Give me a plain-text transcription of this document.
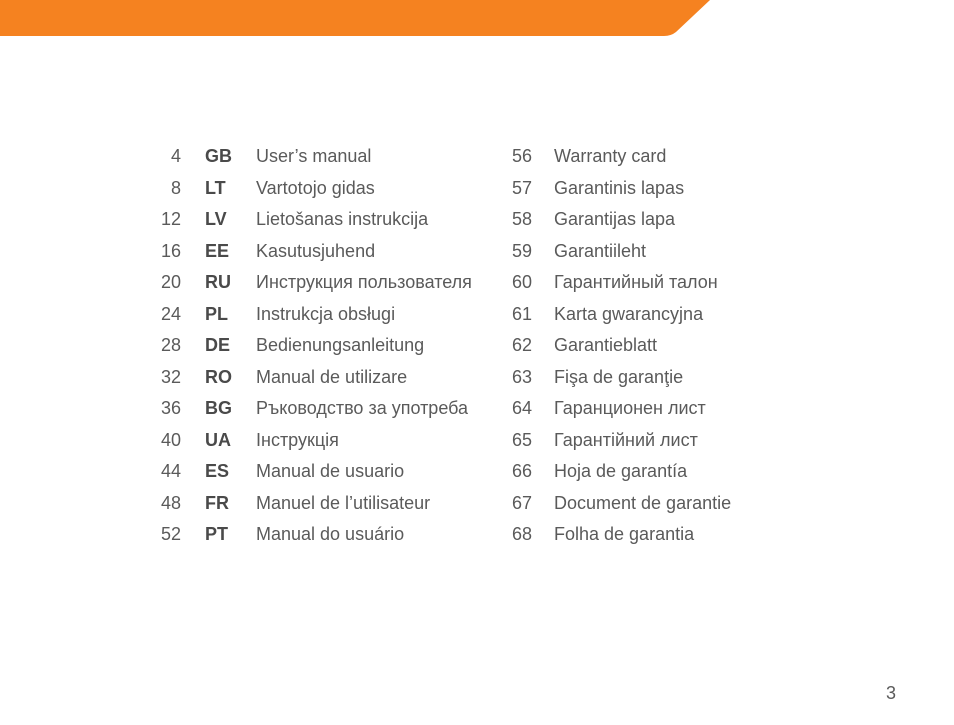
4 GB User’s manual
8 LT Vartotojo gidas
12 LV Lietošanas instrukcija
16 EE Kasutusjuhend
20 RU Инструкция пользователя
24 PL Instrukcja obsługi
28 DE Bedienungsanleitung
32 RO Manual de utilizare
36 BG Ръководство за употреба
40 UA Інструкція
44 ES Manual de usuario
48 FR Manuel de l’utilisateur
52 PT Manual do usuário
56 Warranty card
57 Garantinis lapas
58 Garantijas lapa
59 Garantiileht
60 Гарантийный талон
61 Karta gwarancyjna
62 Garantieblatt
63 Fişa de garanţie
64 Гаранционен лист
65 Гарантійний лист
66 Hoja de garantía
67 Document de garantie
68 Folha de garantia
3
